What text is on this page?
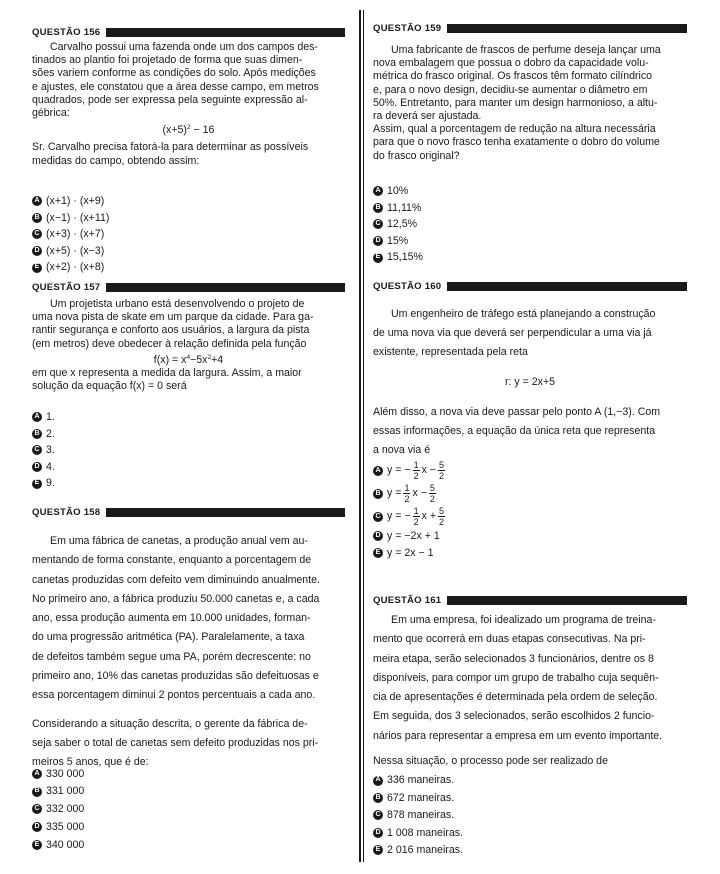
QUESTÃO 156
Carvalho possui uma fazenda onde um dos campos des-
tinados ao plantio foi projetado de forma que suas dimen-
sões variem conforme as condições do solo. Após medições
e ajustes, ele constatou que a área desse campo, em metros
quadrados, pode ser expressa pela seguinte expressão al-
gébrica:
$(x+5)^2 - 16$
Sr. Carvalho precisa fatorá-la para determinar as possíveis
medidas do campo, obtendo assim:
A (x+1) · (x+9)
B (x−1) · (x+11)
C (x+3) · (x+7)
D (x+5) · (x−3)
E (x+2) · (x+8)
QUESTÃO 157
Um projetista urbano está desenvolvendo o projeto de
uma nova pista de skate em um parque da cidade. Para ga-
rantir segurança e conforto aos usuários, a largura da pista
(em metros) deve obedecer à relação definida pela função
$f(x) = x^4-5x^2+4$
em que x representa a medida da largura. Assim, a maior
solução da equação f(x) = 0 será
A 1.
B 2.
C 3.
D 4.
E 9.
QUESTÃO 158
Em uma fábrica de canetas, a produção anual vem au-
mentando de forma constante, enquanto a porcentagem de
canetas produzidas com defeito vem diminuindo anualmente.
No primeiro ano, a fábrica produziu 50.000 canetas e, a cada
ano, essa produção aumenta em 10.000 unidades, forman-
do uma progressão aritmética (PA). Paralelamente, a taxa
de defeitos também segue uma PA, porém decrescente: no
primeiro ano, 10% das canetas produzidas são defeituosas e
essa porcentagem diminui 2 pontos percentuais a cada ano.
Considerando a situação descrita, o gerente da fábrica de-
seja saber o total de canetas sem defeito produzidas nos pri-
meiros 5 anos, que é de:
A 330 000
B 331 000
C 332 000
D 335 000
E 340 000
QUESTÃO 159
Uma fabricante de frascos de perfume deseja lançar uma
nova embalagem que possua o dobro da capacidade volu-
métrica do frasco original. Os frascos têm formato cilíndrico
e, para o novo design, decidiu-se aumentar o diâmetro em
50%. Entretanto, para manter um design harmonioso, a altu-
ra deverá ser ajustada.
Assim, qual a porcentagem de redução na altura necessária
para que o novo frasco tenha exatamente o dobro do volume
do frasco original?
A 10%
B 11,11%
C 12,5%
D 15%
E 15,15%
QUESTÃO 160
Um engenheiro de tráfego está planejando a construção
de uma nova via que deverá ser perpendicular a uma via já
existente, representada pela reta
r: y = 2x+5
Além disso, a nova via deve passar pelo ponto A (1,−3). Com
essas informações, a equação da única reta que representa
a nova via é
A y = − $\frac{1}{2}$ $x - \frac{5}{2}$
B $y = \frac{1}{2}$ $x - \frac{5}{2}$
C y = − $\frac{1}{2}$ $x + \frac{5}{2}$
D y = −2x + 1
E y = 2x − 1
QUESTÃO 161
Em uma empresa, foi idealizado um programa de treina-
mento que ocorrerá em duas etapas consecutivas. Na pri-
meira etapa, serão selecionados 3 funcionários, dentre os 8
disponíveis, para compor um grupo de trabalho cuja sequên-
cia de apresentações é determinada pela ordem de seleção.
Em seguida, dos 3 selecionados, serão escolhidos 2 funcio-
nários para representar a empresa em um evento importante.
Nessa situação, o processo pode ser realizado de
A 336 maneiras.
B 672 maneiras.
C 878 maneiras.
D 1 008 maneiras.
E 2 016 maneiras.
